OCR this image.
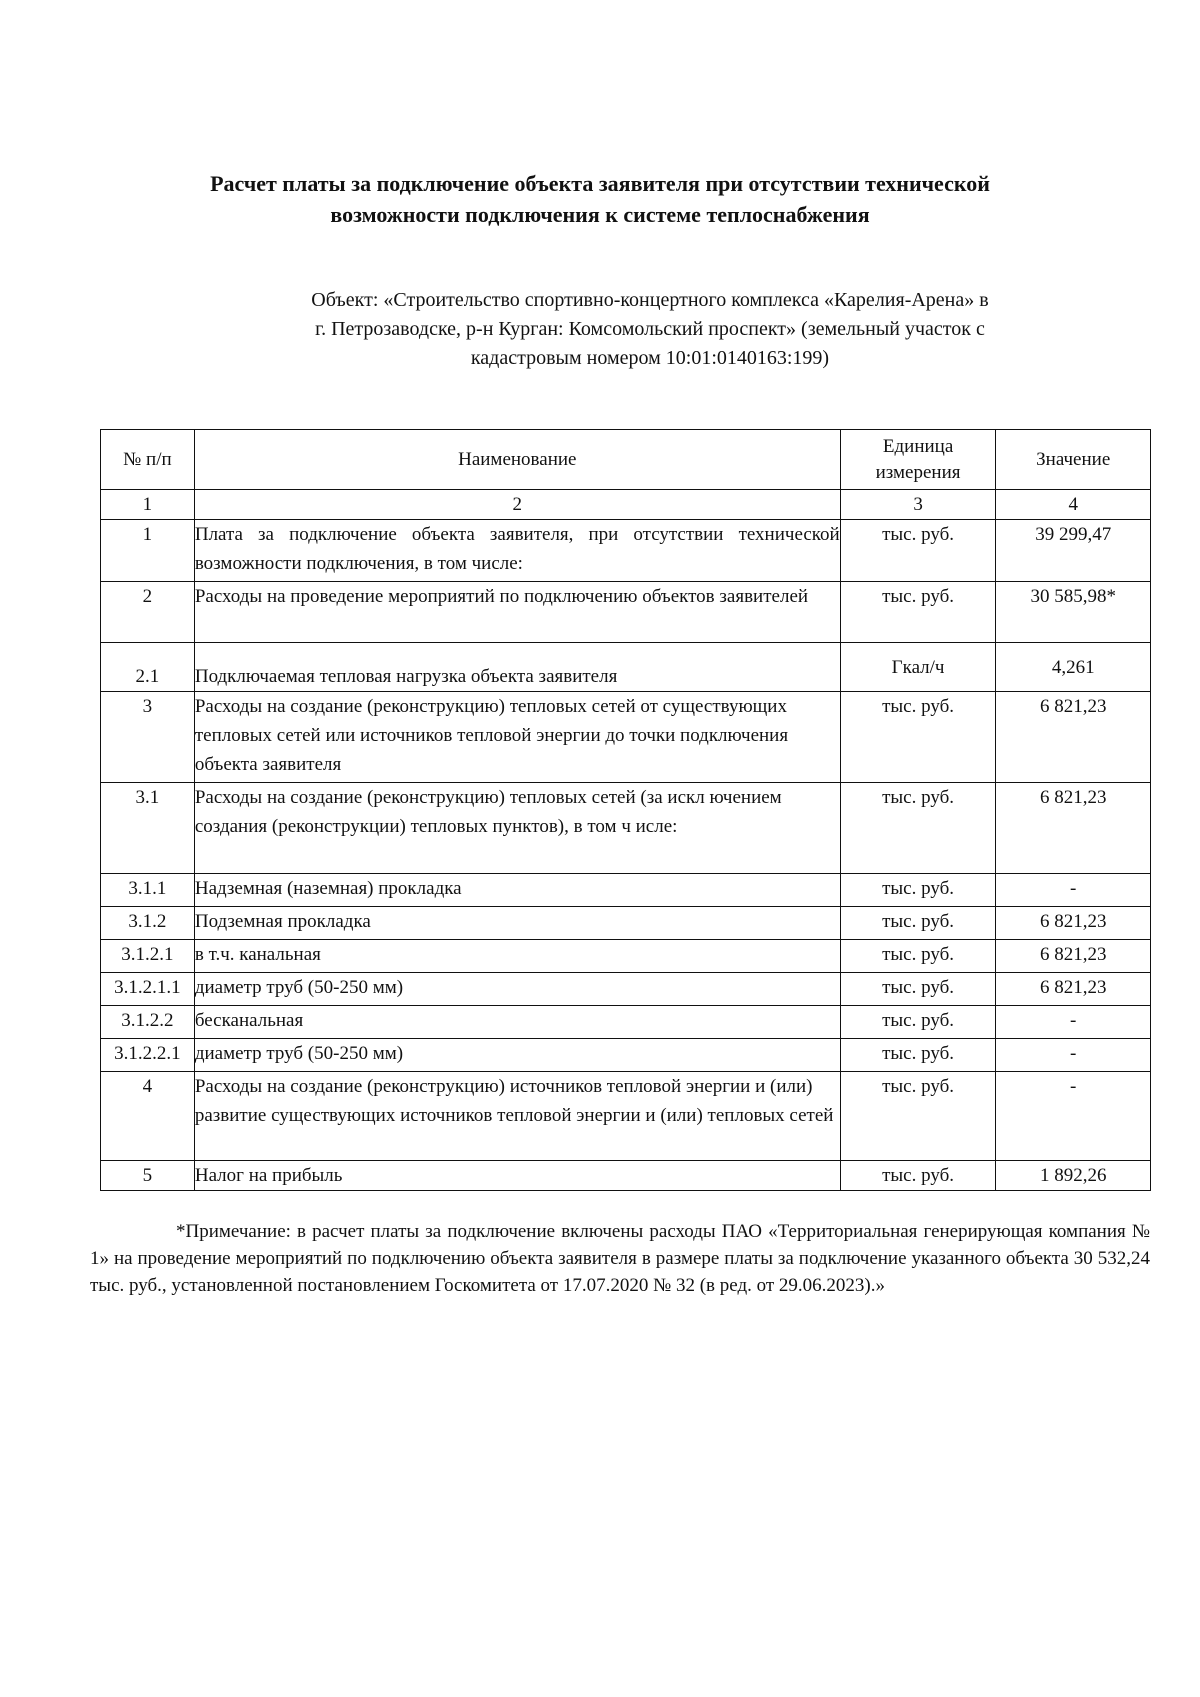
Расчет платы за подключение объекта заявителя при отсутствии технической
возможности подключения к системе теплоснабжения
Объект: «Строительство спортивно-концертного комплекса «Карелия-Арена» в
г. Петрозаводске, р-н Курган: Комсомольский проспект» (земельный участок с
кадастровым номером 10:01:0140163:199)
№ п/п	Наименование	Единица измерения	Значение
1	2	3	4
1	Плата за подключение объекта заявителя, при отсутствии технической возможности подключения, в том числе:	тыс. руб.	39 299,47
2	Расходы на проведение мероприятий по подключению объектов заявителей	тыс. руб.	30 585,98*
2.1	Подключаемая тепловая нагрузка объекта заявителя	Гкал/ч	4,261
3	Расходы на создание (реконструкцию) тепловых сетей от существующих тепловых сетей или источников тепловой энергии до точки подключения объекта заявителя	тыс. руб.	6 821,23
3.1	Расходы на создание (реконструкцию) тепловых сетей (за искл ючением создания (реконструкции) тепловых пунктов), в том ч исле:	тыс. руб.	6 821,23
3.1.1	Надземная (наземная) прокладка	тыс. руб.	-
3.1.2	Подземная прокладка	тыс. руб.	6 821,23
3.1.2.1	в т.ч. канальная	тыс. руб.	6 821,23
3.1.2.1.1	диаметр труб (50-250 мм)	тыс. руб.	6 821,23
3.1.2.2	бесканальная	тыс. руб.	-
3.1.2.2.1	диаметр труб (50-250 мм)	тыс. руб.	-
4	Расходы на создание (реконструкцию) источников тепловой энергии и (или) развитие существующих источников тепловой энергии и (или) тепловых сетей	тыс. руб.	-
5	Налог на прибыль	тыс. руб.	1 892,26
*Примечание: в расчет платы за подключение включены расходы ПАО «Территориальная генерирующая компания № 1» на проведение мероприятий по подключению объекта заявителя в размере платы за подключение указанного объекта 30 532,24 тыс. руб., установленной постановлением Госкомитета от 17.07.2020 № 32 (в ред. от 29.06.2023).»
